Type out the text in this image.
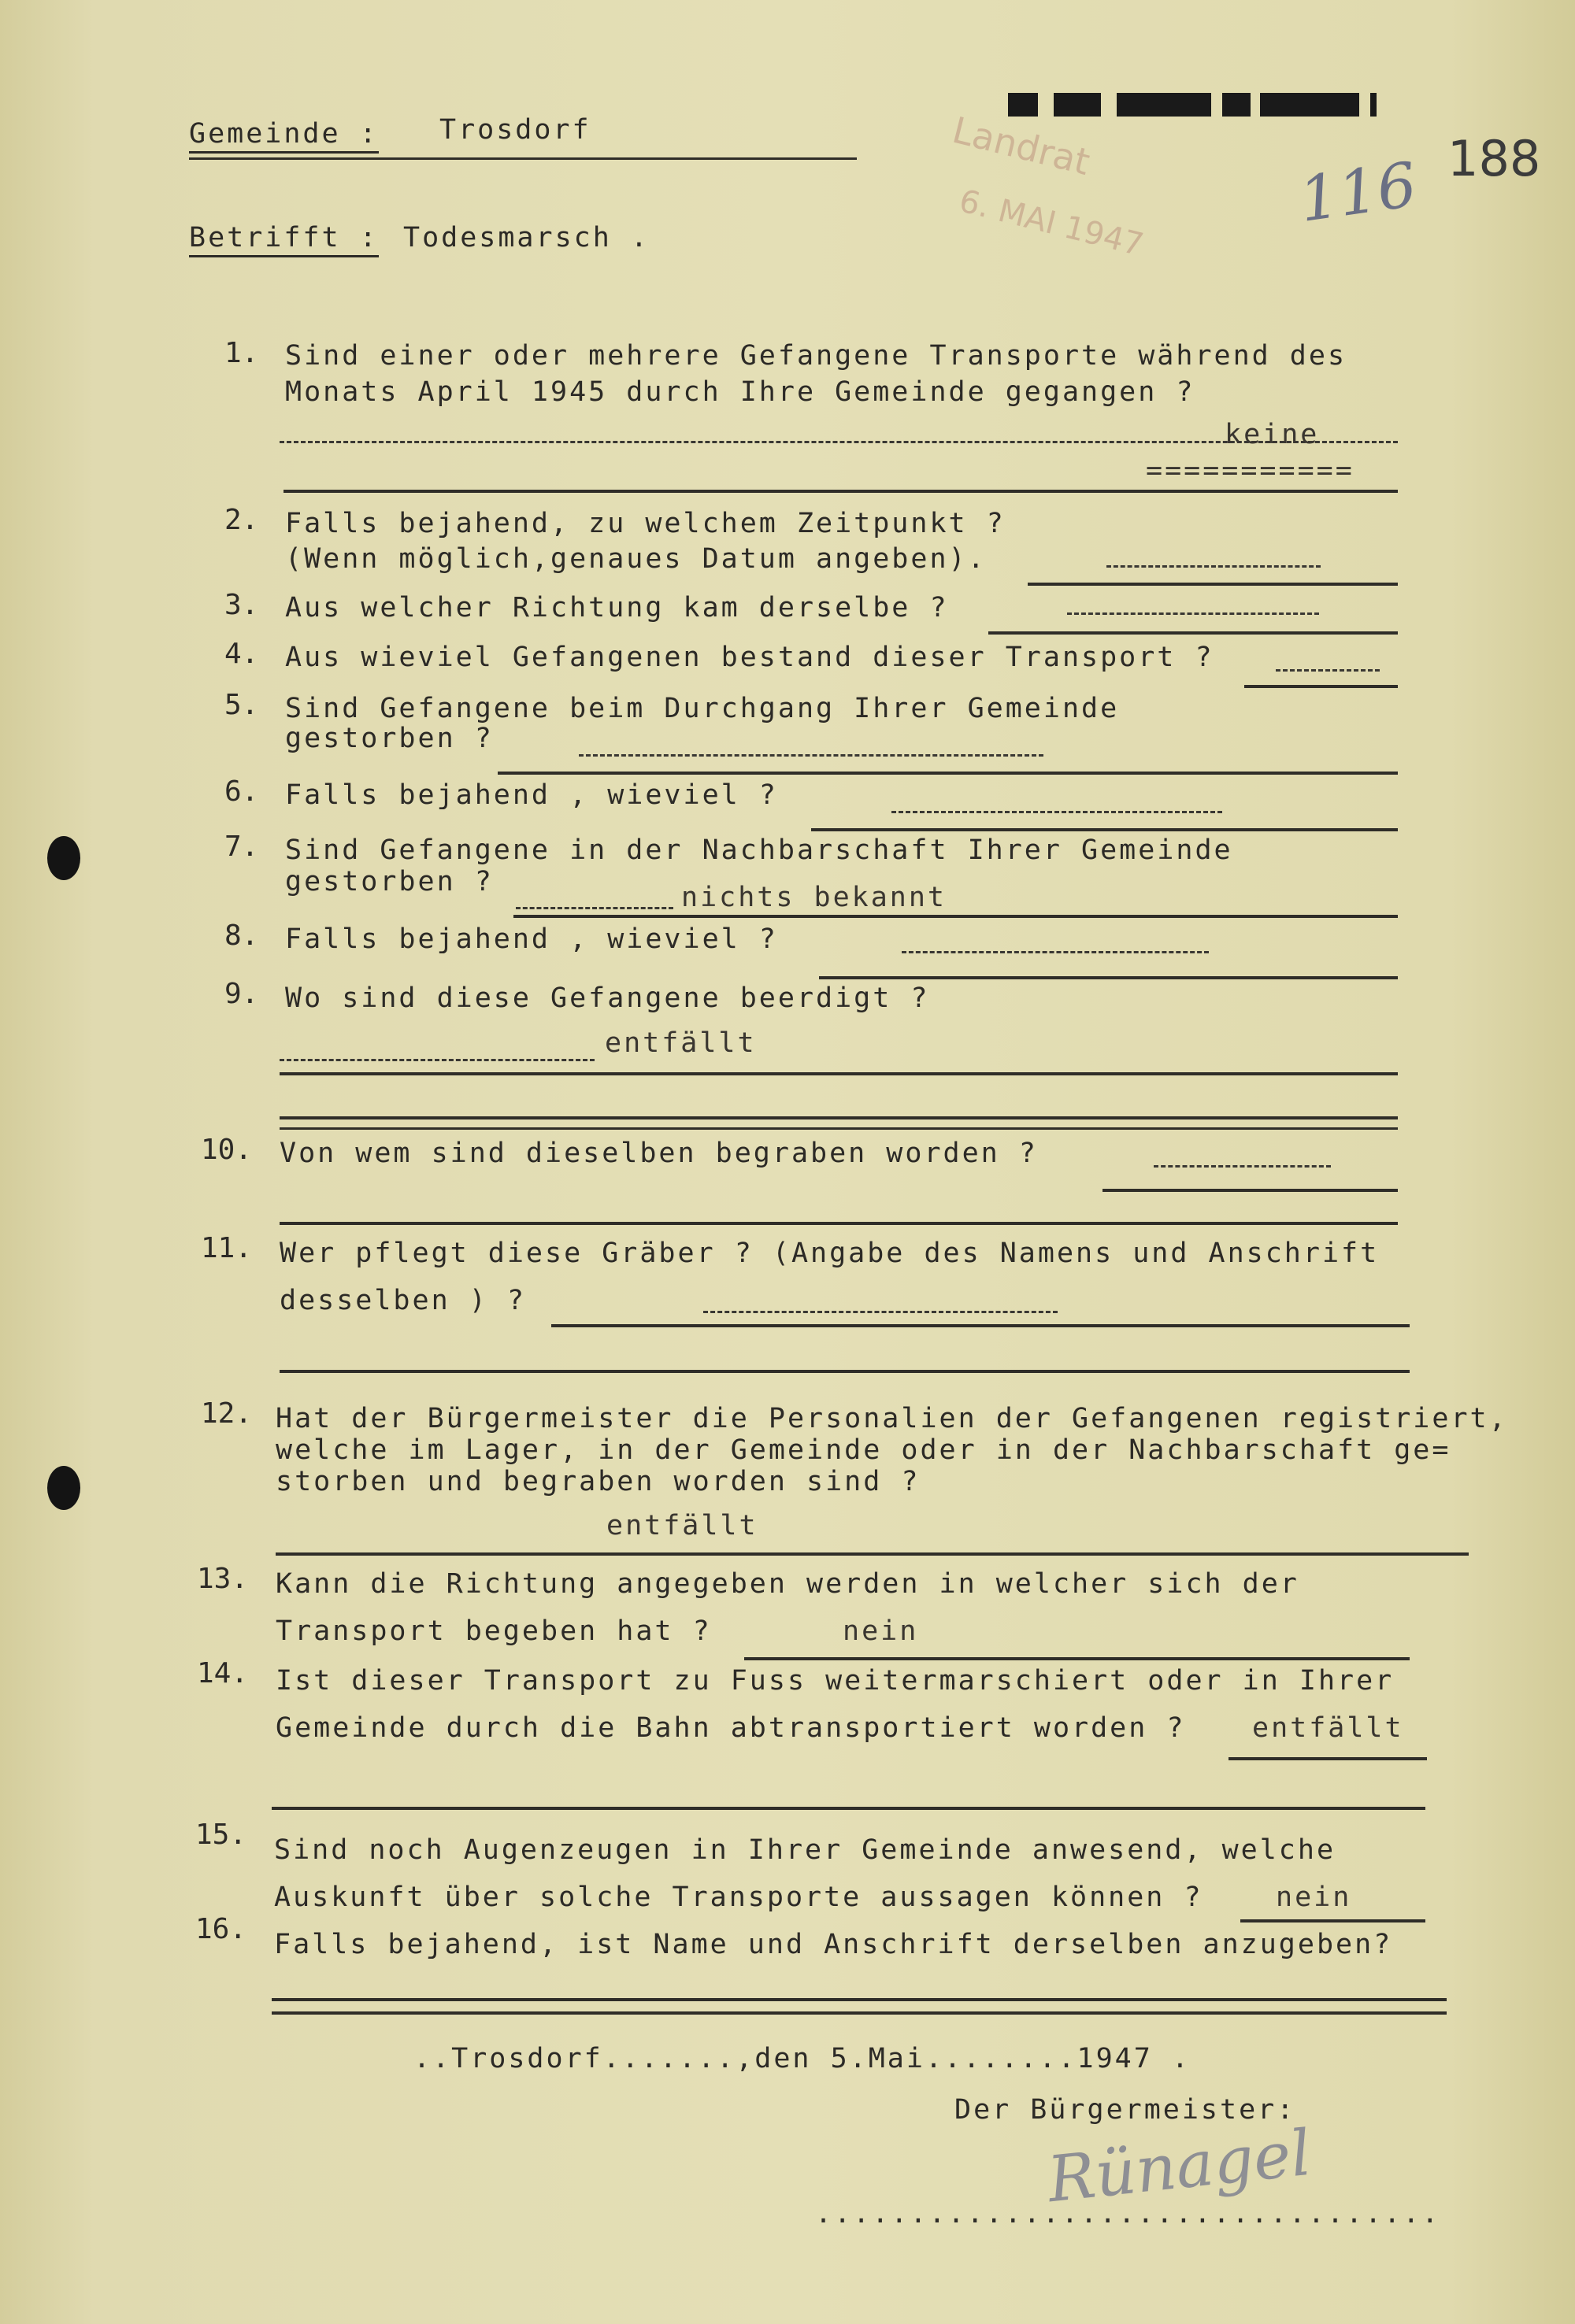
Gemeinde : Trosdorf
Betrifft : Todesmarsch .
188
116
Landrat
6. MAI 1947
1. Sind einer oder mehrere Gefangene Transporte während des
Monats April 1945 durch Ihre Gemeinde gegangen ?
keine
===========
2. Falls bejahend, zu welchem Zeitpunkt ?
(Wenn möglich,genaues Datum angeben).
3. Aus welcher Richtung kam derselbe ?
4. Aus wieviel Gefangenen bestand dieser Transport ?
5. Sind Gefangene beim Durchgang Ihrer Gemeinde
gestorben ?
6. Falls bejahend , wieviel ?
7. Sind Gefangene in der Nachbarschaft Ihrer Gemeinde
gestorben ?	nichts bekannt
8. Falls bejahend , wieviel ?
9. Wo sind diese Gefangene beerdigt ?
entfällt
10. Von wem sind dieselben begraben worden ?
11. Wer pflegt diese Gräber ? (Angabe des Namens und Anschrift
desselben ) ?
12. Hat der Bürgermeister die Personalien der Gefangenen registriert,
welche im Lager, in der Gemeinde oder in der Nachbarschaft ge=
storben und begraben worden sind ?
entfällt
13. Kann die Richtung angegeben werden in welcher sich der
Transport begeben hat ?	nein
14. Ist dieser Transport zu Fuss weitermarschiert oder in Ihrer
Gemeinde durch die Bahn abtransportiert worden ? entfällt
15. Sind noch Augenzeugen in Ihrer Gemeinde anwesend, welche
Auskunft über solche Transporte aussagen können ?	nein
16. Falls bejahend, ist Name und Anschrift derselben anzugeben?
..Trosdorf.......,den 5.Mai........1947 .
Der Bürgermeister:
Rünagel
.................................
